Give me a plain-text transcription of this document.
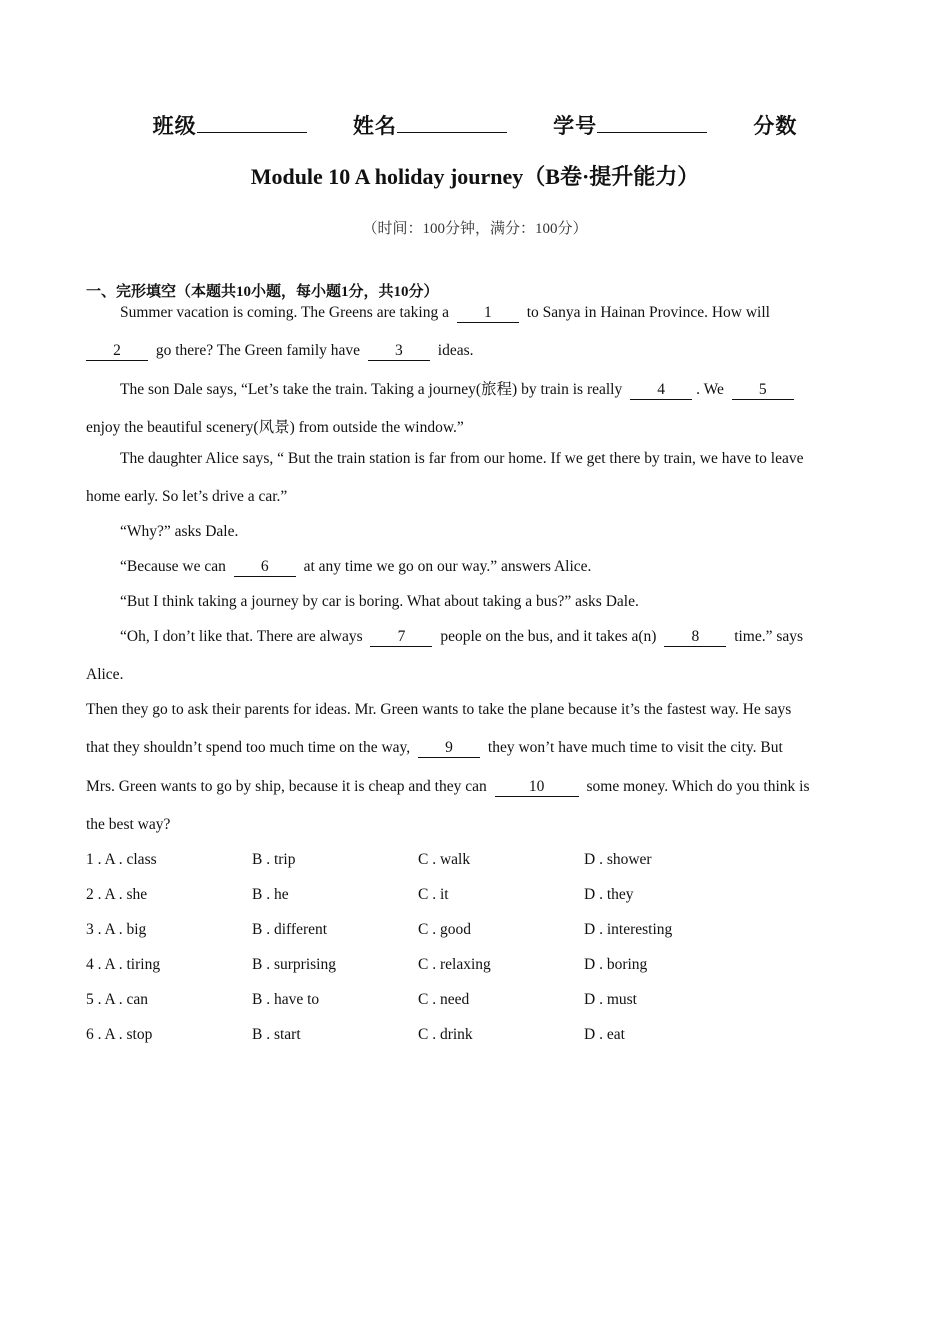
班级	姓名	学号	分数
Module 10 A holiday journey（B卷·提升能力）
（时间：100分钟，满分：100分）
一、完形填空（本题共10小题，每小题1分，共10分）
Summer vacation is coming. The Greens are taking a 1 to Sanya in Hainan Province. How will
2 go there? The Green family have 3 ideas.
The son Dale says, “Let’s take the train. Taking a journey(旅程) by train is really 4 . We 5
enjoy the beautiful scenery(风景) from outside the window.”
The daughter Alice says, “ But the train station is far from our home. If we get there by train, we have to leave
home early. So let’s drive a car.”
“Why?” asks Dale.
“Because we can 6 at any time we go on our way.” answers Alice.
“But I think taking a journey by car is boring. What about taking a bus?” asks Dale.
“Oh, I don’t like that. There are always 7 people on the bus, and it takes a(n) 8 time.” says
Alice.
Then they go to ask their parents for ideas. Mr. Green wants to take the plane because it’s the fastest way. He says
that they shouldn’t spend too much time on the way, 9 they won’t have much time to visit the city. But
Mrs. Green wants to go by ship, because it is cheap and they can	10	some money. Which do you think is
the best way?
1 . A . class	B . trip	C . walk	D . shower
2 . A . she	B . he	C . it	D . they
3 . A . big	B . different	C . good	D . interesting
4 . A . tiring	B . surprising	C . relaxing	D . boring
5 . A . can	B . have to	C . need	D . must
6 . A . stop	B . start	C . drink	D . eat
